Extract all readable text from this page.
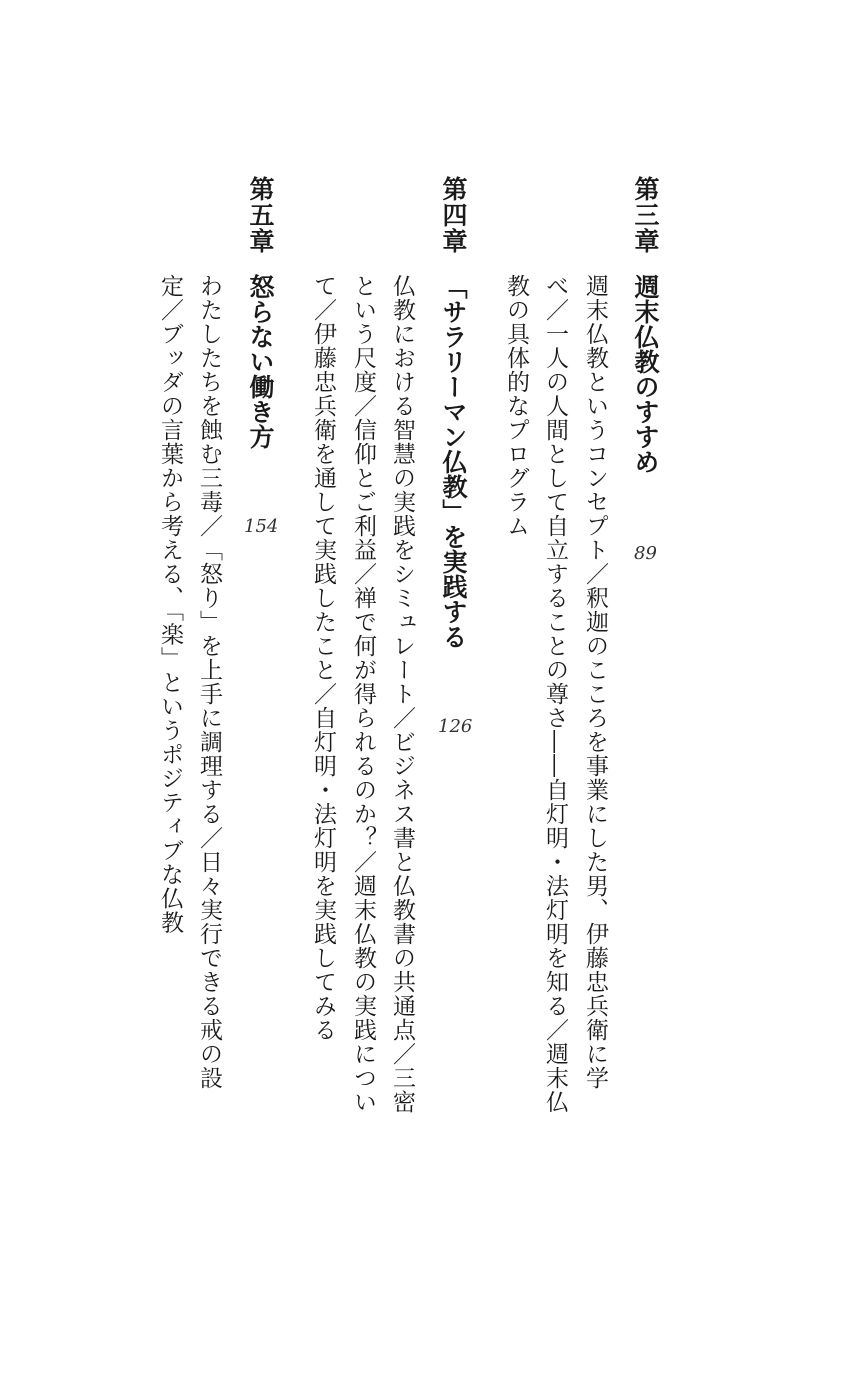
第三章
週末仏教のすすめ
89
週末仏教というコンセプト／釈迦のこころを事業にした男、伊藤忠兵衛に学
べ／一人の人間として自立することの尊さ――自灯明・法灯明を知る／週末仏
教の具体的なプログラム
第四章
「サラリーマン仏教」を実践する
126
仏教における智慧の実践をシミュレート／ビジネス書と仏教書の共通点／三密
という尺度／信仰とご利益／禅で何が得られるのか？／週末仏教の実践につい
て／伊藤忠兵衛を通して実践したこと／自灯明・法灯明を実践してみる
第五章
怒らない働き方
154
わたしたちを蝕む三毒／「怒り」を上手に調理する／日々実行できる戒の設
定／ブッダの言葉から考える、「楽」というポジティブな仏教
